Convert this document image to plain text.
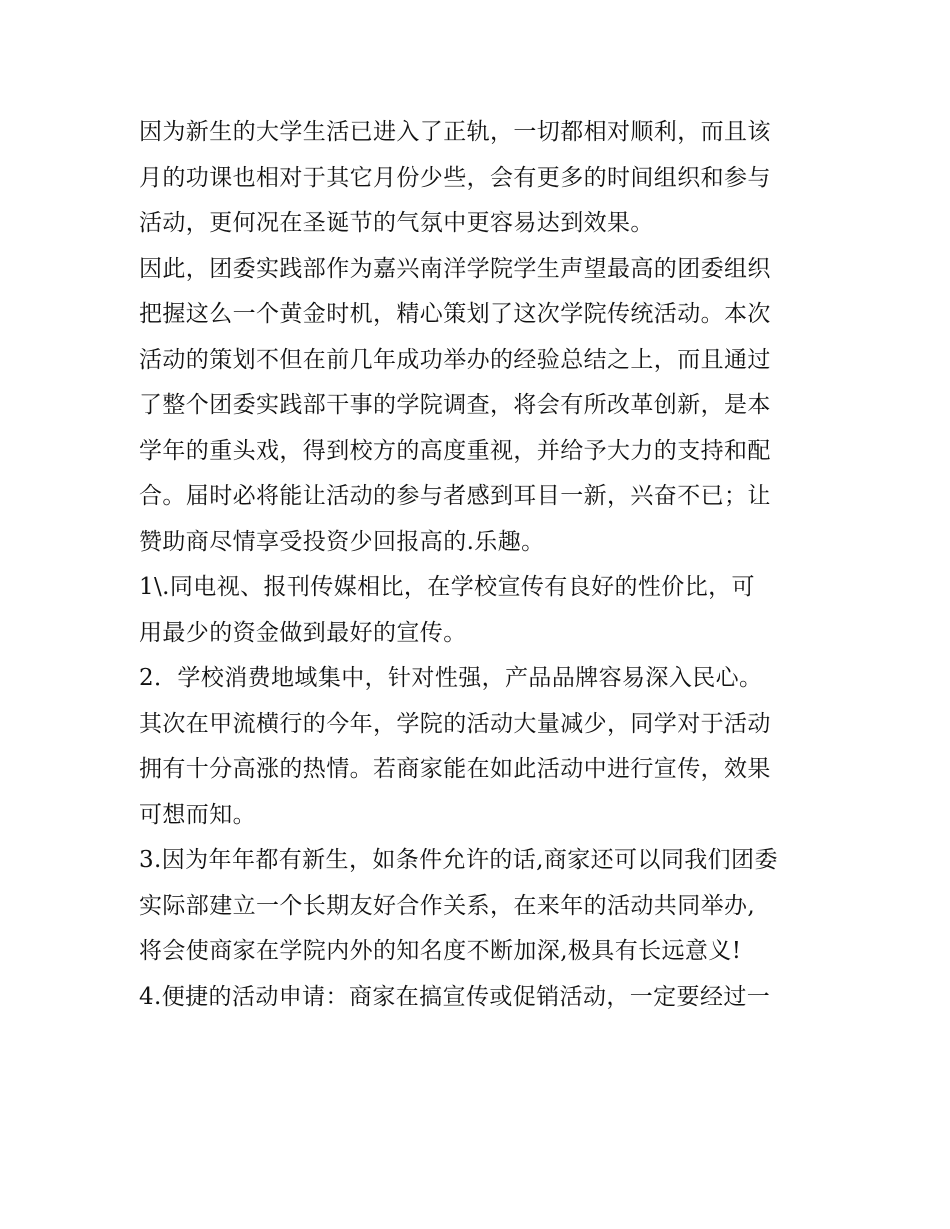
因为新生的大学生活已进入了正轨，一切都相对顺利，而且该
月的功课也相对于其它月份少些，会有更多的时间组织和参与
活动，更何况在圣诞节的气氛中更容易达到效果。
因此，团委实践部作为嘉兴南洋学院学生声望最高的团委组织
把握这么一个黄金时机，精心策划了这次学院传统活动。本次
活动的策划不但在前几年成功举办的经验总结之上，而且通过
了整个团委实践部干事的学院调查，将会有所改革创新，是本
学年的重头戏，得到校方的高度重视，并给予大力的支持和配
合。届时必将能让活动的参与者感到耳目一新，兴奋不已；让
赞助商尽情享受投资少回报高的.乐趣。
1\.同电视、报刊传媒相比，在学校宣传有良好的性价比，可
用最少的资金做到最好的宣传。
2．学校消费地域集中，针对性强，产品品牌容易深入民心。
其次在甲流横行的今年，学院的活动大量减少，同学对于活动
拥有十分高涨的热情。若商家能在如此活动中进行宣传，效果
可想而知。
3.因为年年都有新生，如条件允许的话,商家还可以同我们团委
实际部建立一个长期友好合作关系，在来年的活动共同举办,
将会使商家在学院内外的知名度不断加深,极具有长远意义!
4.便捷的活动申请：商家在搞宣传或促销活动，一定要经过一
